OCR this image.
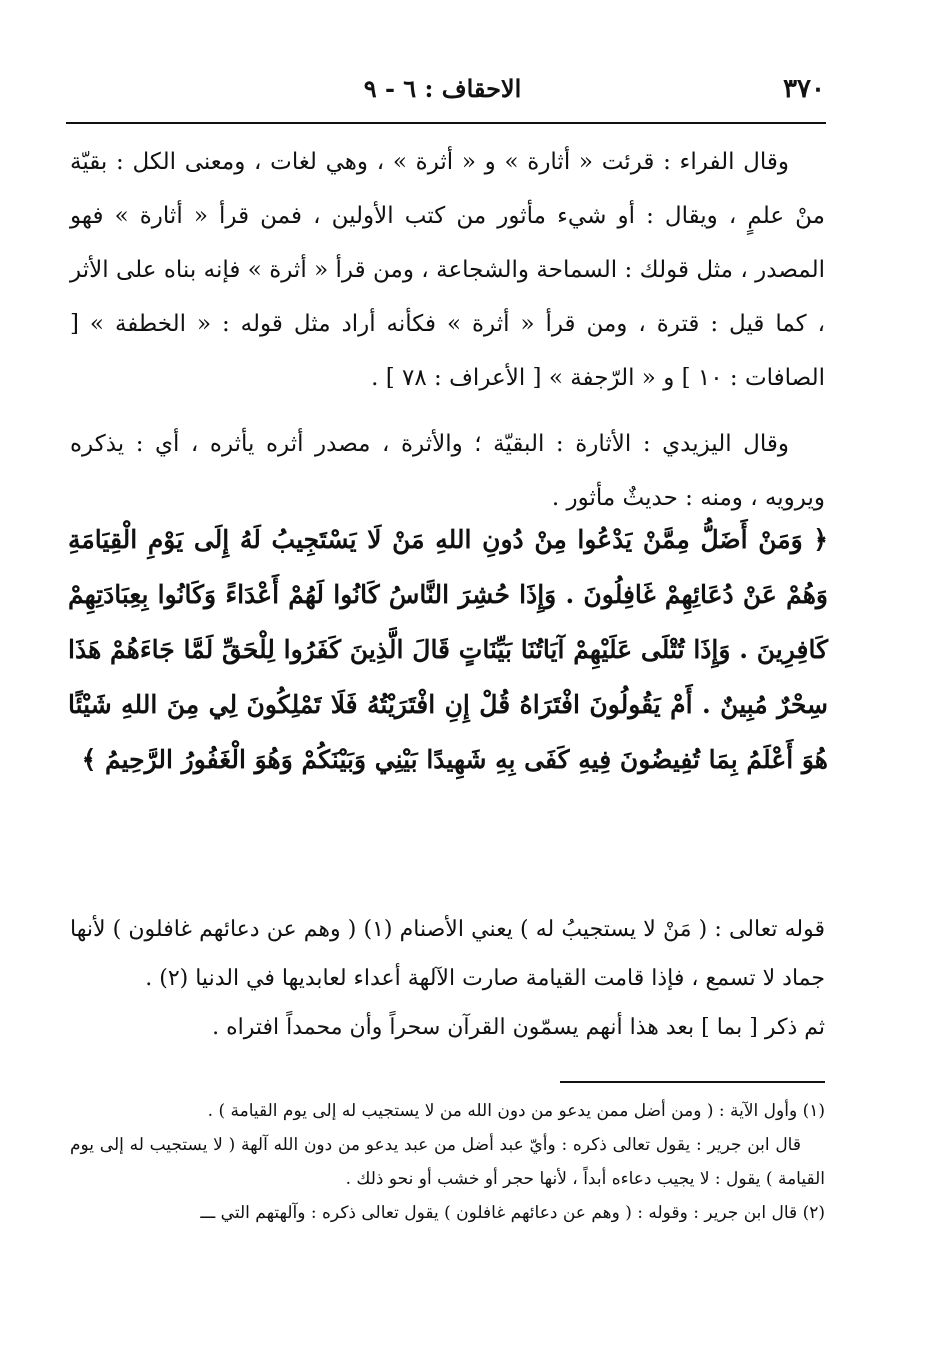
٣٧٠
الاحقاف : ٦ - ٩

وقال الفراء : قرئت « أثارة » و « أثرة » ، وهي لغات ، ومعنى الكل : بقيّة منْ علمٍ ، ويقال : أو شيء مأثور من كتب الأولين ، فمن قرأ « أثارة » فهو المصدر ، مثل قولك : السماحة والشجاعة ، ومن قرأ « أثرة » فإنه بناه على الأثر ، كما قيل : قترة ، ومن قرأ « أثرة » فكأنه أراد مثل قوله : « الخطفة » [ الصافات : ١٠ ] و « الرّجفة » [ الأعراف : ٧٨ ] .

وقال اليزيدي : الأثارة : البقيّة ؛ والأثرة ، مصدر أثره يأثره ، أي : يذكره ويرويه ، ومنه : حديثٌ مأثور .

﴿ وَمَنْ أَضَلُّ مِمَّنْ يَدْعُوا مِنْ دُونِ اللهِ مَنْ لَا يَسْتَجِيبُ لَهُ إِلَى يَوْمِ الْقِيَامَةِ وَهُمْ عَنْ دُعَائِهِمْ غَافِلُونَ . وَإِذَا حُشِرَ النَّاسُ كَانُوا لَهُمْ أَعْدَاءً وَكَانُوا بِعِبَادَتِهِمْ كَافِرِينَ . وَإِذَا تُتْلَى عَلَيْهِمْ آيَاتُنَا بَيِّنَاتٍ قَالَ الَّذِينَ كَفَرُوا لِلْحَقِّ لَمَّا جَاءَهُمْ هَذَا سِحْرٌ مُبِينٌ . أَمْ يَقُولُونَ افْتَرَاهُ قُلْ إِنِ افْتَرَيْتُهُ فَلَا تَمْلِكُونَ لِي مِنَ اللهِ شَيْئًا هُوَ أَعْلَمُ بِمَا تُفِيضُونَ فِيهِ كَفَى بِهِ شَهِيدًا بَيْنِي وَبَيْنَكُمْ وَهُوَ الْغَفُورُ الرَّحِيمُ ﴾

قوله تعالى : ( مَنْ لا يستجيبُ له ) يعني الأصنام (١) ( وهم عن دعائهم غافلون ) لأنها جماد لا تسمع ، فإذا قامت القيامة صارت الآلهة أعداء لعابديها في الدنيا (٢) .

ثم ذكر [ بما ] بعد هذا أنهم يسمّون القرآن سحراً وأن محمداً افتراه .

(١) وأول الآية : ( ومن أضل ممن يدعو من دون الله من لا يستجيب له إلى يوم القيامة ) .

قال ابن جرير : يقول تعالى ذكره : وأيّ عبد أضل من عبد يدعو من دون الله آلهة ( لا يستجيب له إلى يوم القيامة ) يقول : لا يجيب دعاءه أبداً ، لأنها حجر أو خشب أو نحو ذلك .

(٢) قال ابن جرير : وقوله : ( وهم عن دعائهم غافلون ) يقول تعالى ذكره : وآلهتهم التي ـــ
